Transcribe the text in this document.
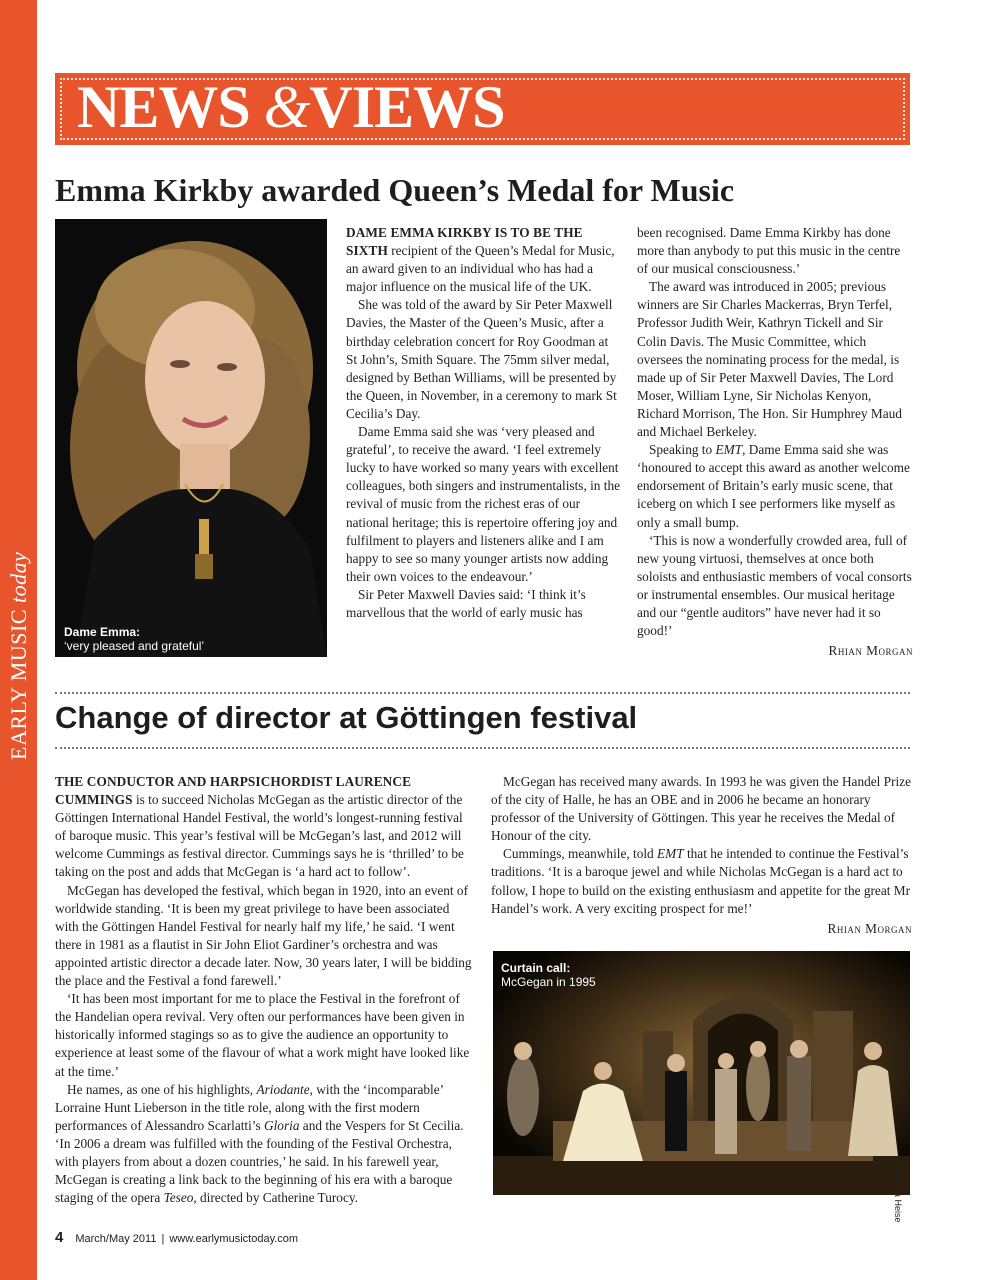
EARLY MUSIC today
NEWS &VIEWS
Emma Kirkby awarded Queen’s Medal for Music
Dame Emma:
‘very pleased and grateful’

DAME EMMA KIRKBY IS TO BE THE SIXTH recipient of the Queen’s Medal for Music, an award given to an individual who has had a major influence on the musical life of the UK.

She was told of the award by Sir Peter Maxwell Davies, the Master of the Queen’s Music, after a birthday celebration concert for Roy Goodman at St John’s, Smith Square. The 75mm silver medal, designed by Bethan Williams, will be presented by the Queen, in November, in a ceremony to mark St Cecilia’s Day.

Dame Emma said she was ‘very pleased and grateful’, to receive the award. ‘I feel extremely lucky to have worked so many years with excellent colleagues, both singers and instrumentalists, in the revival of music from the richest eras of our national heritage; this is repertoire offering joy and fulfilment to players and listeners alike and I am happy to see so many younger artists now adding their own voices to the endeavour.’

Sir Peter Maxwell Davies said: ‘I think it’s marvellous that the world of early music has

been recognised. Dame Emma Kirkby has done more than anybody to put this music in the centre of our musical consciousness.’

The award was introduced in 2005; previous winners are Sir Charles Mackerras, Bryn Terfel, Professor Judith Weir, Kathryn Tickell and Sir Colin Davis. The Music Committee, which oversees the nominating process for the medal, is made up of Sir Peter Maxwell Davies, The Lord Moser, William Lyne, Sir Nicholas Kenyon, Richard Morrison, The Hon. Sir Humphrey Maud and Michael Berkeley.

Speaking to EMT, Dame Emma said she was ‘honoured to accept this award as another welcome endorsement of Britain’s early music scene, that iceberg on which I see performers like myself as only a small bump.

‘This is now a wonderfully crowded area, full of new young virtuosi, themselves at once both soloists and enthusiastic members of vocal consorts or instrumental ensembles. Our musical heritage and our “gentle auditors” have never had it so good!’

Rhian Morgan
Change of director at Göttingen festival

THE CONDUCTOR AND HARPSICHORDIST LAURENCE CUMMINGS is to succeed Nicholas McGegan as the artistic director of the Göttingen International Handel Festival, the world’s longest-running festival of baroque music. This year’s festival will be McGegan’s last, and 2012 will welcome Cummings as festival director. Cummings says he is ‘thrilled’ to be taking on the post and adds that McGegan is ‘a hard act to follow’.

McGegan has developed the festival, which began in 1920, into an event of worldwide standing. ‘It is been my great privilege to have been associated with the Göttingen Handel Festival for nearly half my life,’ he said. ‘I went there in 1981 as a flautist in Sir John Eliot Gardiner’s orchestra and was appointed artistic director a decade later. Now, 30 years later, I will be bidding the place and the Festival a fond farewell.’

‘It has been most important for me to place the Festival in the forefront of the Handelian opera revival. Very often our performances have been given in historically informed stagings so as to give the audience an opportunity to experience at least some of the flavour of what a work might have looked like at the time.’

He names, as one of his highlights, Ariodante, with the ‘incomparable’ Lorraine Hunt Lieberson in the title role, along with the first modern performances of Alessandro Scarlatti’s Gloria and the Vespers for St Cecilia. ‘In 2006 a dream was fulfilled with the founding of the Festival Orchestra, with players from about a dozen countries,’ he said. In his farewell year, McGegan is creating a link back to the beginning of his era with a baroque staging of the opera Teseo, directed by Catherine Turocy.

McGegan has received many awards. In 1993 he was given the Handel Prize of the city of Halle, he has an OBE and in 2006 he became an honorary professor of the University of Göttingen. This year he receives the Medal of Honour of the city.

Cummings, meanwhile, told EMT that he intended to continue the Festival’s traditions. ‘It is a baroque jewel and while Nicholas McGegan is a hard act to follow, I hope to build on the existing enthusiasm and appetite for the great Mr Handel’s work. A very exciting prospect for me!’

Rhian Morgan
Curtain call:
McGegan in 1995
Dorothea Heise
4 March/May 2011 | www.earlymusictoday.com
